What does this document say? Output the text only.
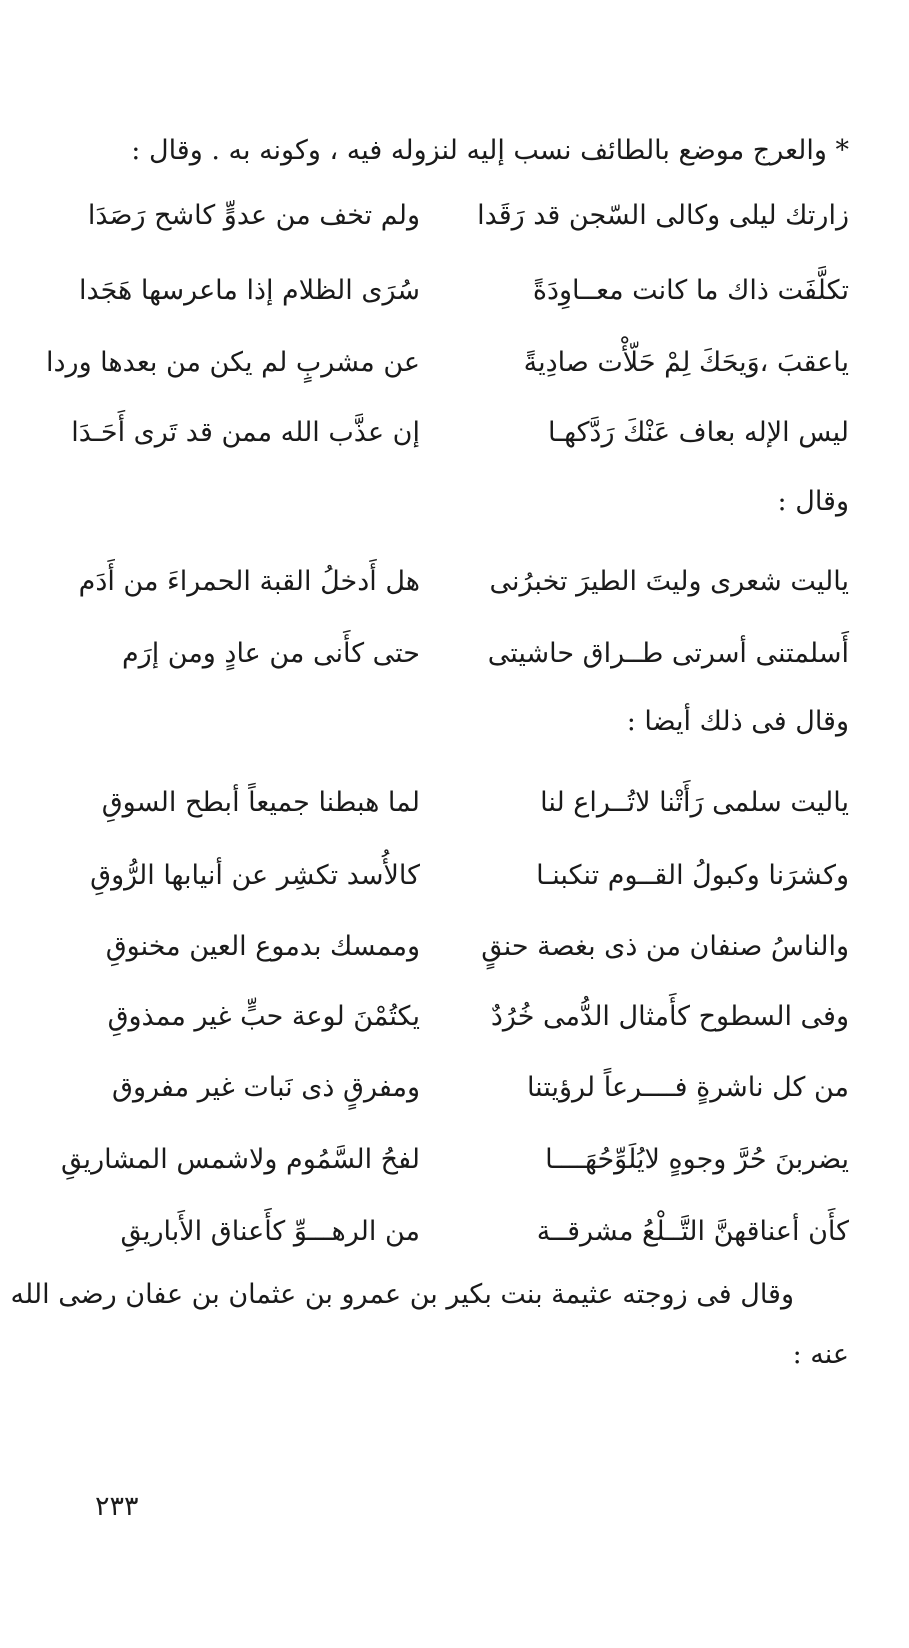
* والعرج موضع بالطائف نسب إليه لنزوله فيه ، وكونه به . وقال :
زارتك ليلى وكالى السّجن قد رَقَدا
ولم تخف من عدوٍّ كاشح رَصَدَا
تكلَّفَت ذاك ما كانت معــاوِدَةً
سُرَى الظلام إذا ماعرسها هَجَدا
ياعقبَ ،وَيحَكَ لِمْ حَلّأْت صادِيةً
عن مشربٍ لم يكن من بعدها وردا
ليس الإله بعاف عَنْكَ رَدَّكهـا
إن عذَّب الله ممن قد تَرى أَحَـدَا
وقال :
ياليت شعرى وليتَ الطيرَ تخبرُنى
هل أَدخلُ القبة الحمراءَ من أَدَم
أَسلمتنى أسرتى طــراق حاشيتى
حتى كأَنى من عادٍ ومن إرَم
وقال فى ذلك أيضا :
ياليت سلمى رَأَتْنا لاتُــراع لنا
لما هبطنا جميعاً أبطح السوقِ
وكشرَنا وكبولُ القــوم تنكبنـا
كالأُسد تكشِر عن أنيابها الرُّوقِ
والناسُ صنفان من ذى بغصة حنقٍ
وممسك بدموع العين مخنوقِ
وفى السطوح كأَمثال الدُّمى خُرُدٌ
يكتُمْنَ لوعة حبٍّ غير ممذوقِ
من كل ناشرةٍ فــــرعاً لرؤيتنا
ومفرقٍ ذى نَبات غير مفروق
يضربنَ حُرَّ وجوهٍ لايُلَوِّحُهَــــا
لفحُ السَّمُوم ولاشمس المشاريقِ
كأَن أعناقهنَّ التَّــلْعُ مشرقــة
من الرهـــوِّ كأَعناق الأَباريقِ
وقال فى زوجته عثيمة بنت بكير بن عمرو بن عثمان بن عفان رضى الله
عنه :
٢٣٣
